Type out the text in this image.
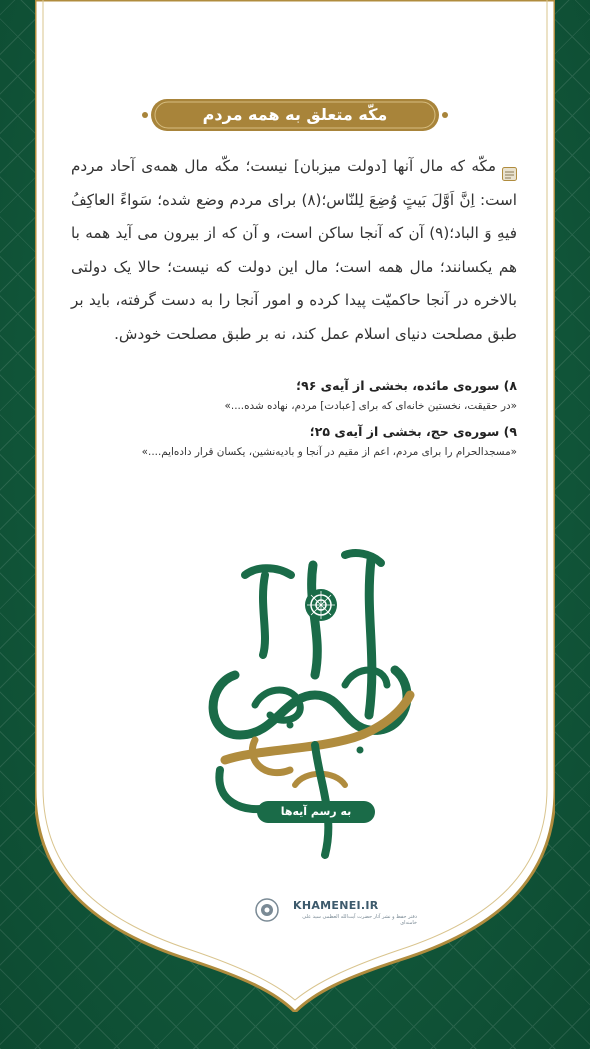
مکّه متعلق به همه مردم
مکّه که مال آنها [دولت میزبان] نیست؛ مکّه مال همه‌ی آحاد مردم است: اِنَّ اَوَّلَ بَیتٍ وُضِعَ لِلنّاس؛(۸) برای مردم وضع شده؛ سَواءً العاکِفُ فیهِ وَ الباد؛(۹) آن که آنجا ساکن است، و آن که از بیرون می آید همه با هم یکسانند؛ مال همه است؛ مال این دولت که نیست؛ حالا یک دولتی بالاخره در آنجا حاکمیّت پیدا کرده و امور آنجا را به دست گرفته، باید بر طبق مصلحت دنیای اسلام عمل کند، نه بر طبق مصلحت خودش.
۸) سوره‌ی مائده، بخشی از آیه‌ی ۹۶؛
«در حقیقت، نخستین خانه‌ای که برای [عبادت] مردم، نهاده شده....»
۹) سوره‌ی حج، بخشی از آیه‌ی ۲۵؛
«مسجدالحرام را برای مردم، اعم از مقیم در آنجا و بادیه‌نشین، یکسان قرار داده‌ایم....»
به رسم آیه‌ها
KHAMENEI.IR
دفتر حفظ و نشر آثار حضرت آیت‌الله العظمی سید علی خامنه‌ای
